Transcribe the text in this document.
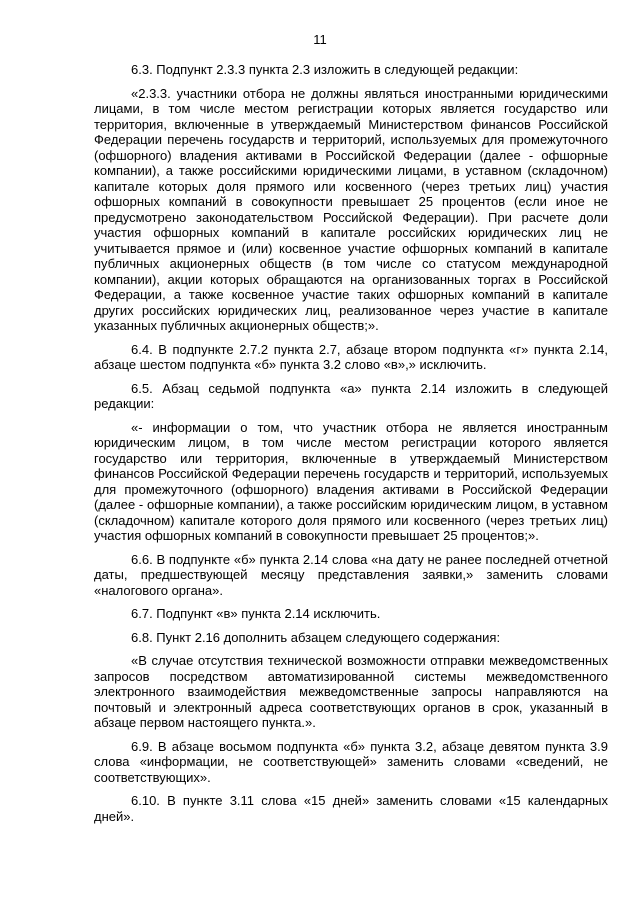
11

6.3. Подпункт 2.3.3 пункта 2.3 изложить в следующей редакции:

«2.3.3. участники отбора не должны являться иностранными юридическими лицами, в том числе местом регистрации которых является государство или территория, включенные в утверждаемый Министерством финансов Российской Федерации перечень государств и территорий, используемых для промежуточного (офшорного) владения активами в Российской Федерации (далее - офшорные компании), а также российскими юридическими лицами, в уставном (складочном) капитале которых доля прямого или косвенного (через третьих лиц) участия офшорных компаний в совокупности превышает 25 процентов (если иное не предусмотрено законодательством Российской Федерации). При расчете доли участия офшорных компаний в капитале российских юридических лиц не учитывается прямое и (или) косвенное участие офшорных компаний в капитале публичных акционерных обществ (в том числе со статусом международной компании), акции которых обращаются на организованных торгах в Российской Федерации, а также косвенное участие таких офшорных компаний в капитале других российских юридических лиц, реализованное через участие в капитале указанных публичных акционерных обществ;».

6.4. В подпункте 2.7.2 пункта 2.7, абзаце втором подпункта «г» пункта 2.14, абзаце шестом подпункта «б» пункта 3.2 слово «в»,» исключить.

6.5. Абзац седьмой подпункта «а» пункта 2.14 изложить в следующей редакции:

«- информации о том, что участник отбора не является иностранным юридическим лицом, в том числе местом регистрации которого является государство или территория, включенные в утверждаемый Министерством финансов Российской Федерации перечень государств и территорий, используемых для промежуточного (офшорного) владения активами в Российской Федерации (далее - офшорные компании), а также российским юридическим лицом, в уставном (складочном) капитале которого доля прямого или косвенного (через третьих лиц) участия офшорных компаний в совокупности превышает 25 процентов;».

6.6. В подпункте «б» пункта 2.14 слова «на дату не ранее последней отчетной даты, предшествующей месяцу представления заявки,» заменить словами «налогового органа».

6.7. Подпункт «в» пункта 2.14 исключить.

6.8. Пункт 2.16 дополнить абзацем следующего содержания:

«В случае отсутствия технической возможности отправки межведомственных запросов посредством автоматизированной системы межведомственного электронного взаимодействия межведомственные запросы направляются на почтовый и электронный адреса соответствующих органов в срок, указанный в абзаце первом настоящего пункта.».

6.9. В абзаце восьмом подпункта «б» пункта 3.2, абзаце девятом пункта 3.9 слова «информации, не соответствующей» заменить словами «сведений, не соответствующих».

6.10. В пункте 3.11 слова «15 дней» заменить словами «15 календарных дней».
